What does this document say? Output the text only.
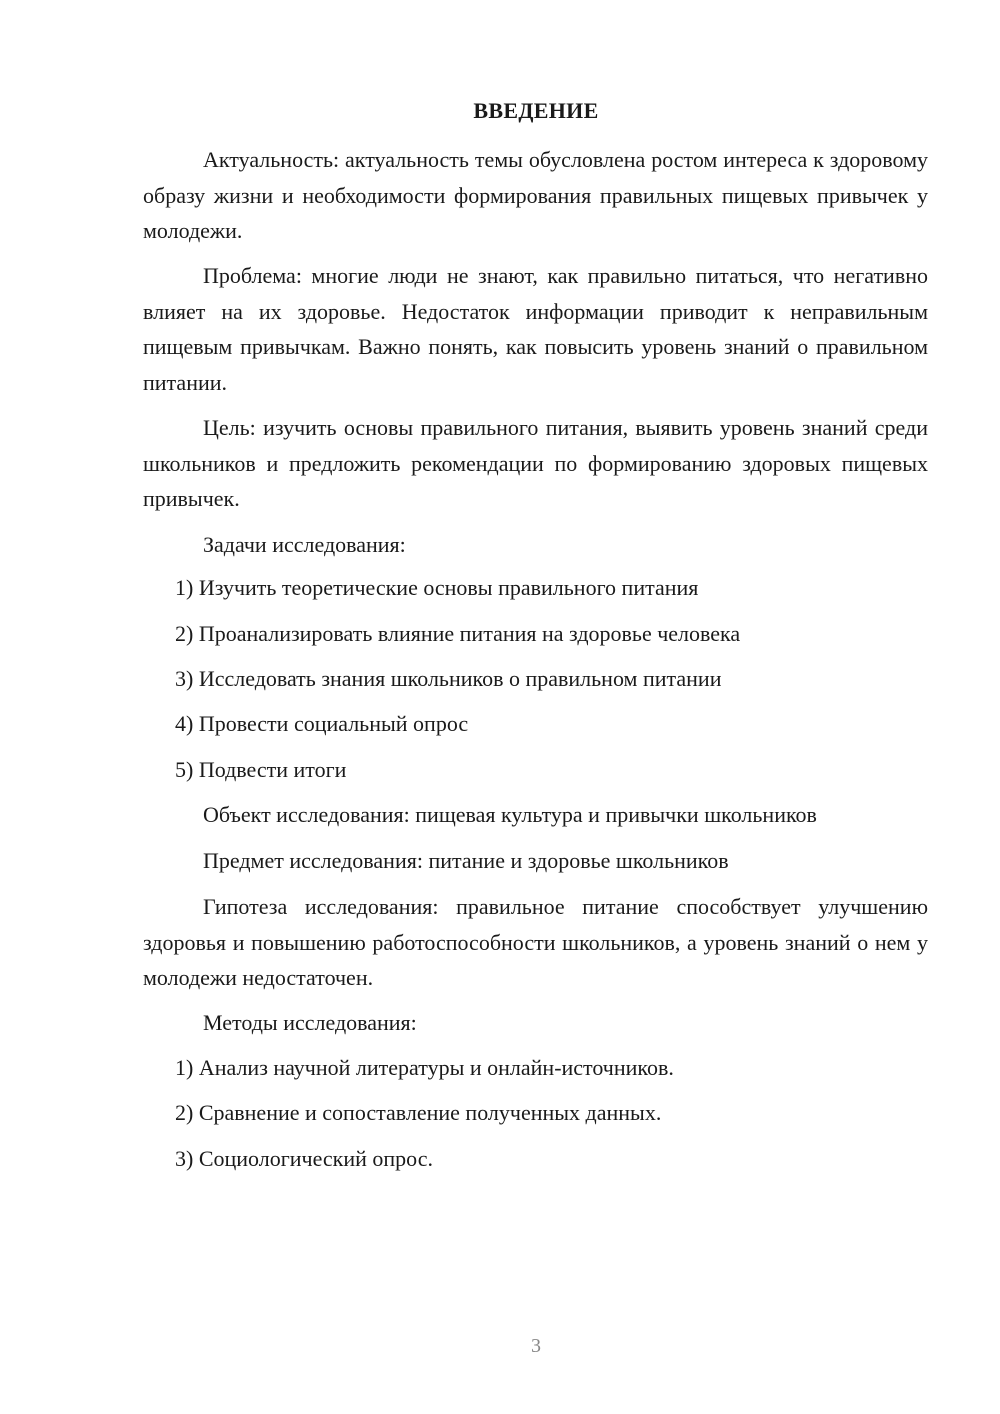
ВВЕДЕНИЕ

Актуальность: актуальность темы обусловлена ростом интереса к здоровому образу жизни и необходимости формирования правильных пищевых привычек у молодежи.

Проблема: многие люди не знают, как правильно питаться, что негативно влияет на их здоровье. Недостаток информации приводит к неправильным пищевым привычкам. Важно понять, как повысить уровень знаний о правильном питании.

Цель: изучить основы правильного питания, выявить уровень знаний среди школьников и предложить рекомендации по формированию здоровых пищевых привычек.

Задачи исследования:

1) Изучить теоретические основы правильного питания

2) Проанализировать влияние питания на здоровье человека

3) Исследовать знания школьников о правильном питании

4) Провести социальный опрос

5) Подвести итоги

Объект исследования: пищевая культура и привычки школьников

Предмет исследования: питание и здоровье школьников

Гипотеза исследования: правильное питание способствует улучшению здоровья и повышению работоспособности школьников, а уровень знаний о нем у молодежи недостаточен.

Методы исследования:

1) Анализ научной литературы и онлайн-источников.

2) Сравнение и сопоставление полученных данных.

3) Социологический опрос.

3
